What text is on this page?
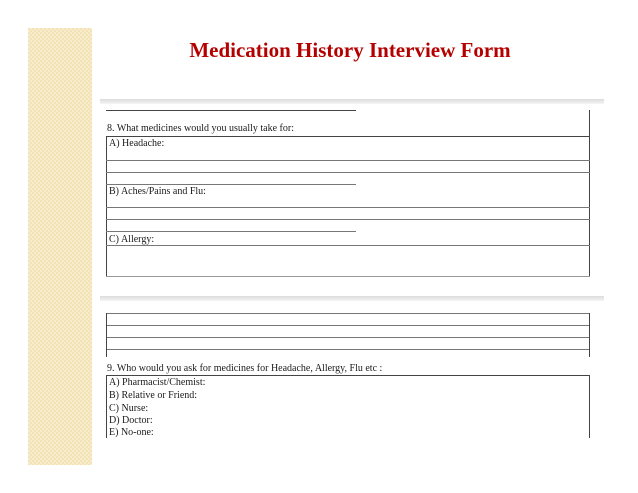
Medication History Interview Form
8. What medicines would you usually take for:
A) Headache:
B) Aches/Pains and Flu:
C) Allergy:
9. Who would you ask for medicines for Headache, Allergy, Flu etc :
A) Pharmacist/Chemist:
B) Relative or Friend:
C) Nurse:
D) Doctor:
E) No-one:
